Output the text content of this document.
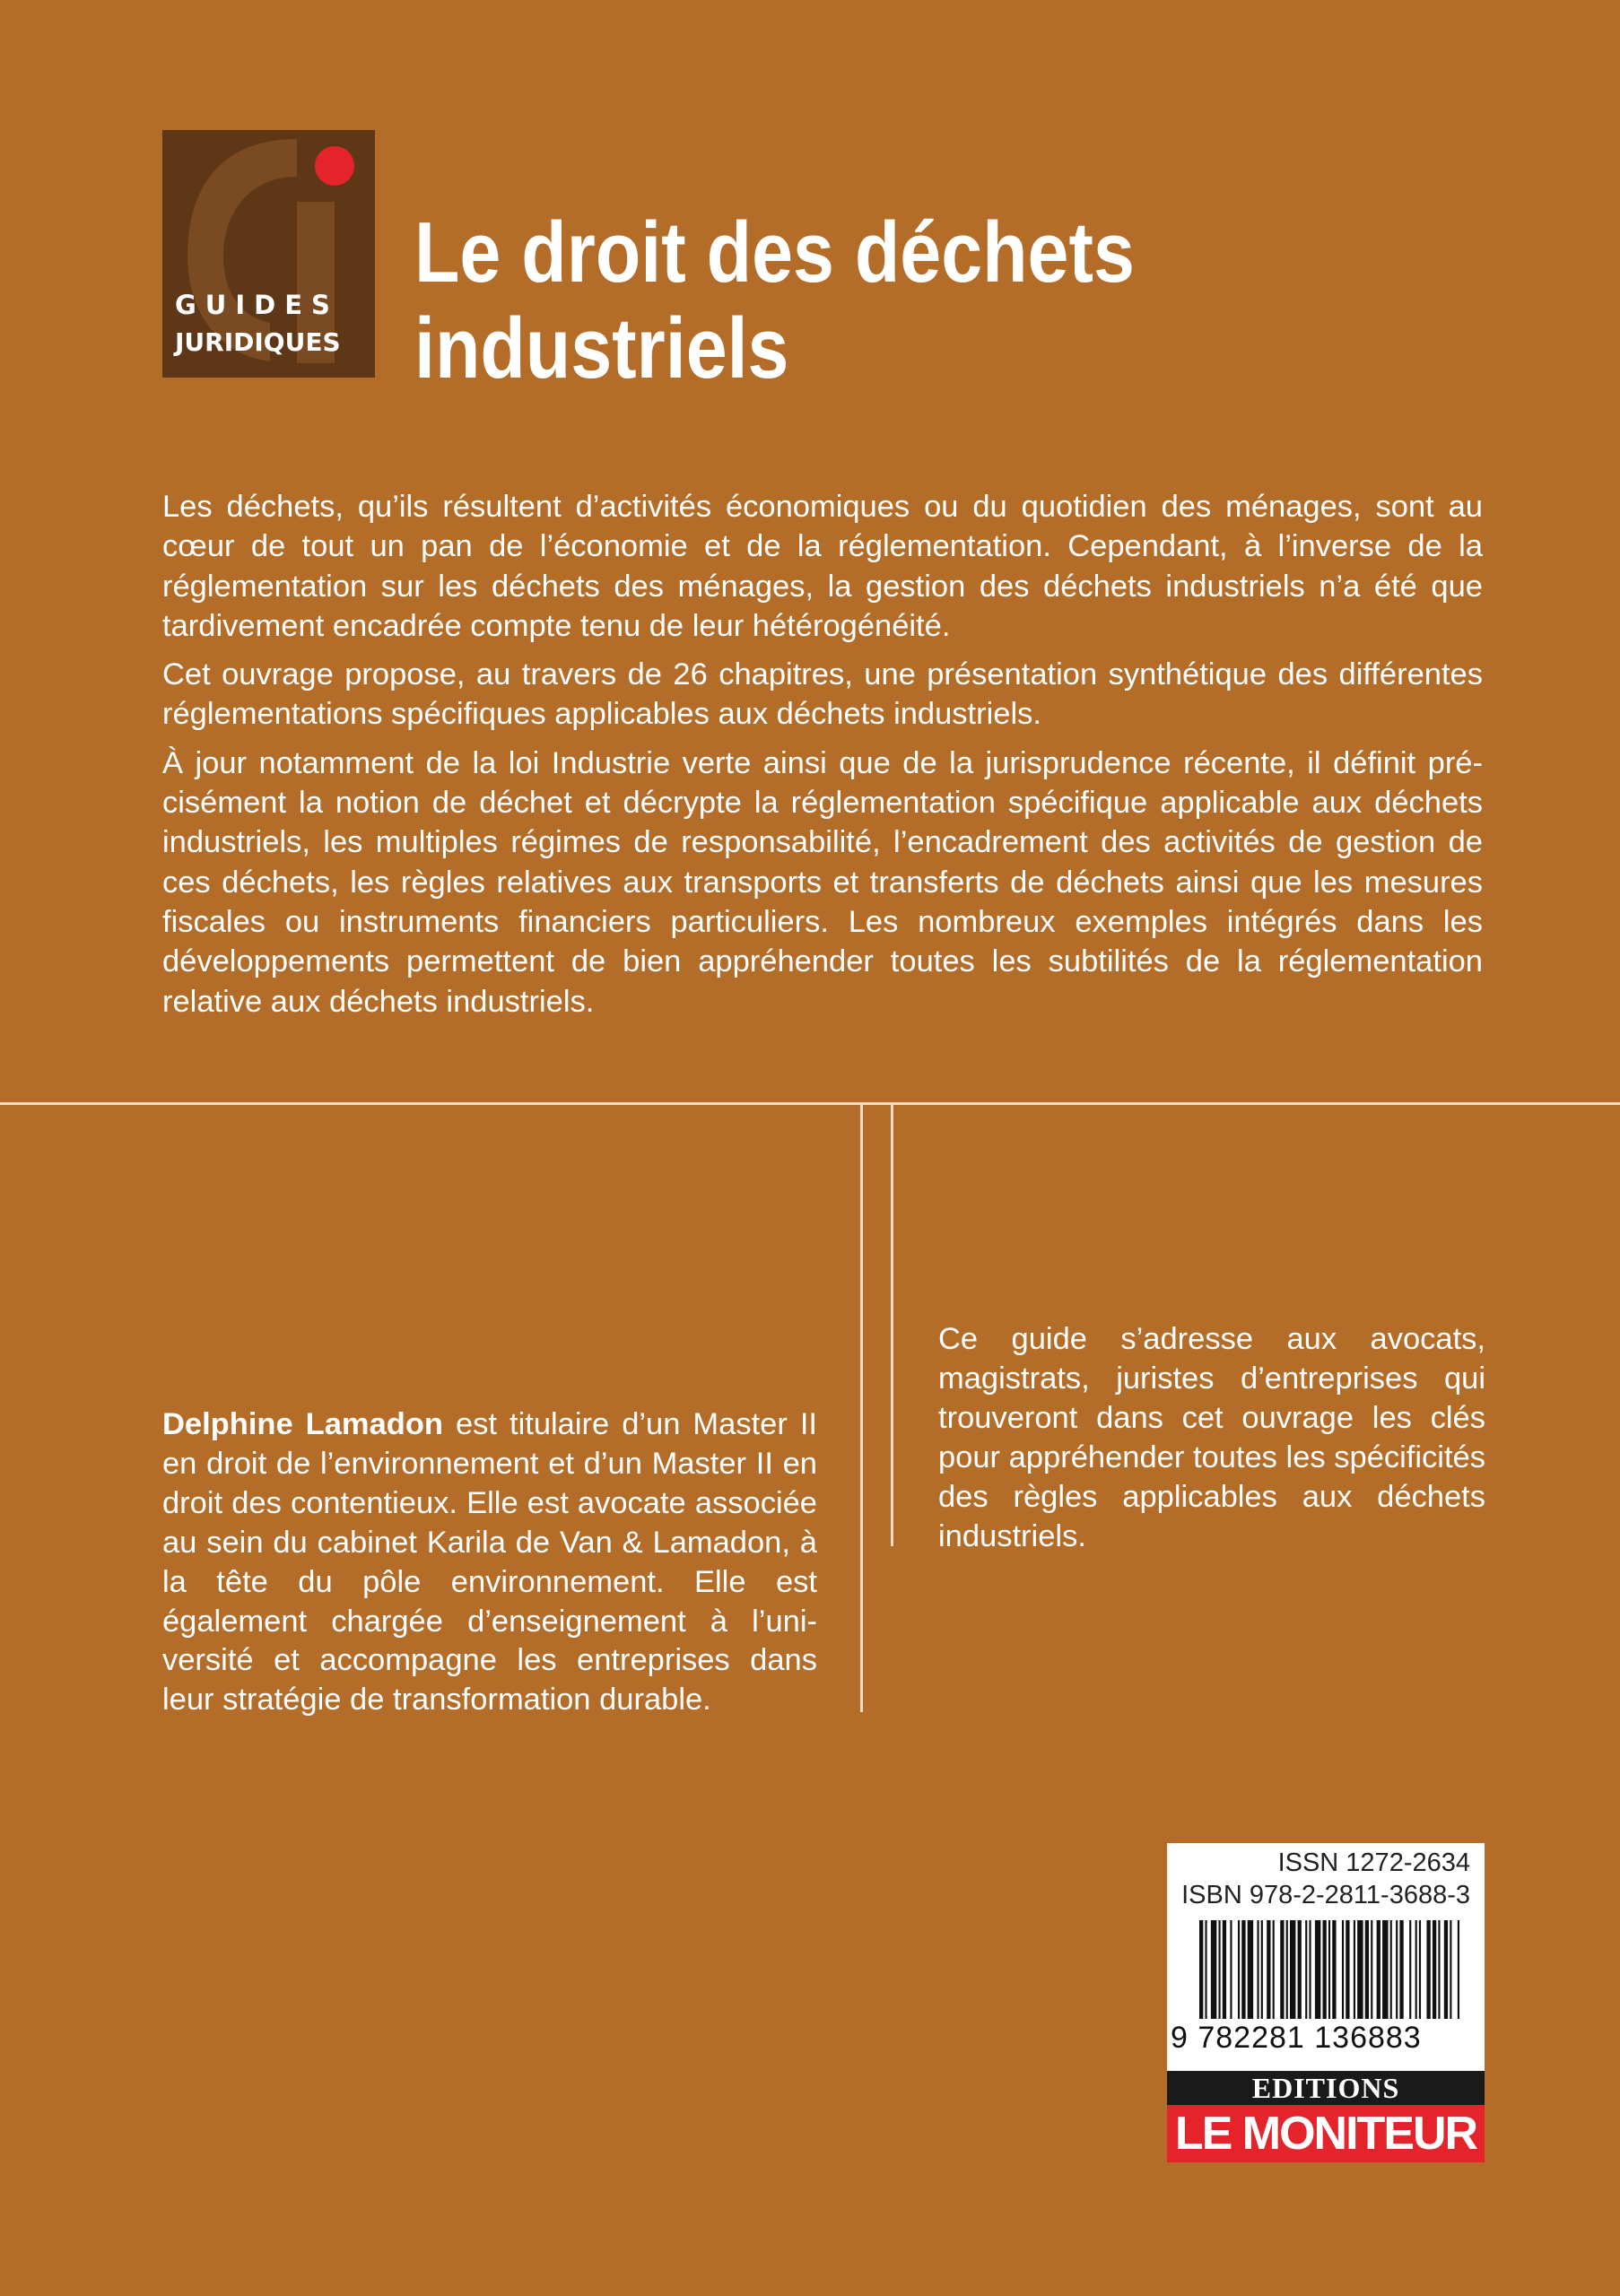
GUIDES
JURIDIQUES
Le droit des déchets
industriels

Les déchets, qu’ils résultent d’activités économiques ou du quotidien des ménages, sont au cœur de tout un pan de l’économie et de la réglementation. Cependant, à l’inverse de la réglementation sur les déchets des ménages, la gestion des déchets industriels n’a été que tardivement encadrée compte tenu de leur hétérogénéité.

Cet ouvrage propose, au travers de 26 chapitres, une présentation synthétique des différentes réglementations spécifiques applicables aux déchets industriels.

À jour notamment de la loi Industrie verte ainsi que de la jurisprudence récente, il définit précisément la notion de déchet et décrypte la réglementation spécifique applicable aux déchets industriels, les multiples régimes de responsabilité, l’encadrement des activités de gestion de ces déchets, les règles relatives aux transports et transferts de déchets ainsi que les mesures fiscales ou instruments financiers particuliers. Les nombreux exemples intégrés dans les développements permettent de bien appréhender toutes les subtilités de la réglementation relative aux déchets industriels.

Delphine Lamadon est titulaire d’un Master II en droit de l’environnement et d’un Master II en droit des contentieux. Elle est avocate associée au sein du cabinet Karila de Van & Lamadon, à la tête du pôle environnement. Elle est également chargée d’enseignement à l’université et accompagne les entreprises dans leur stratégie de transformation durable.
Ce guide s’adresse aux avocats, magistrats, juristes d’entreprises qui trouveront dans cet ouvrage les clés pour appréhender toutes les spécificités des règles applicables aux déchets industriels.
ISSN 1272-2634
ISBN 978-2-2811-3688-3
9 782281 136883
EDITIONS
LE MONITEUR
